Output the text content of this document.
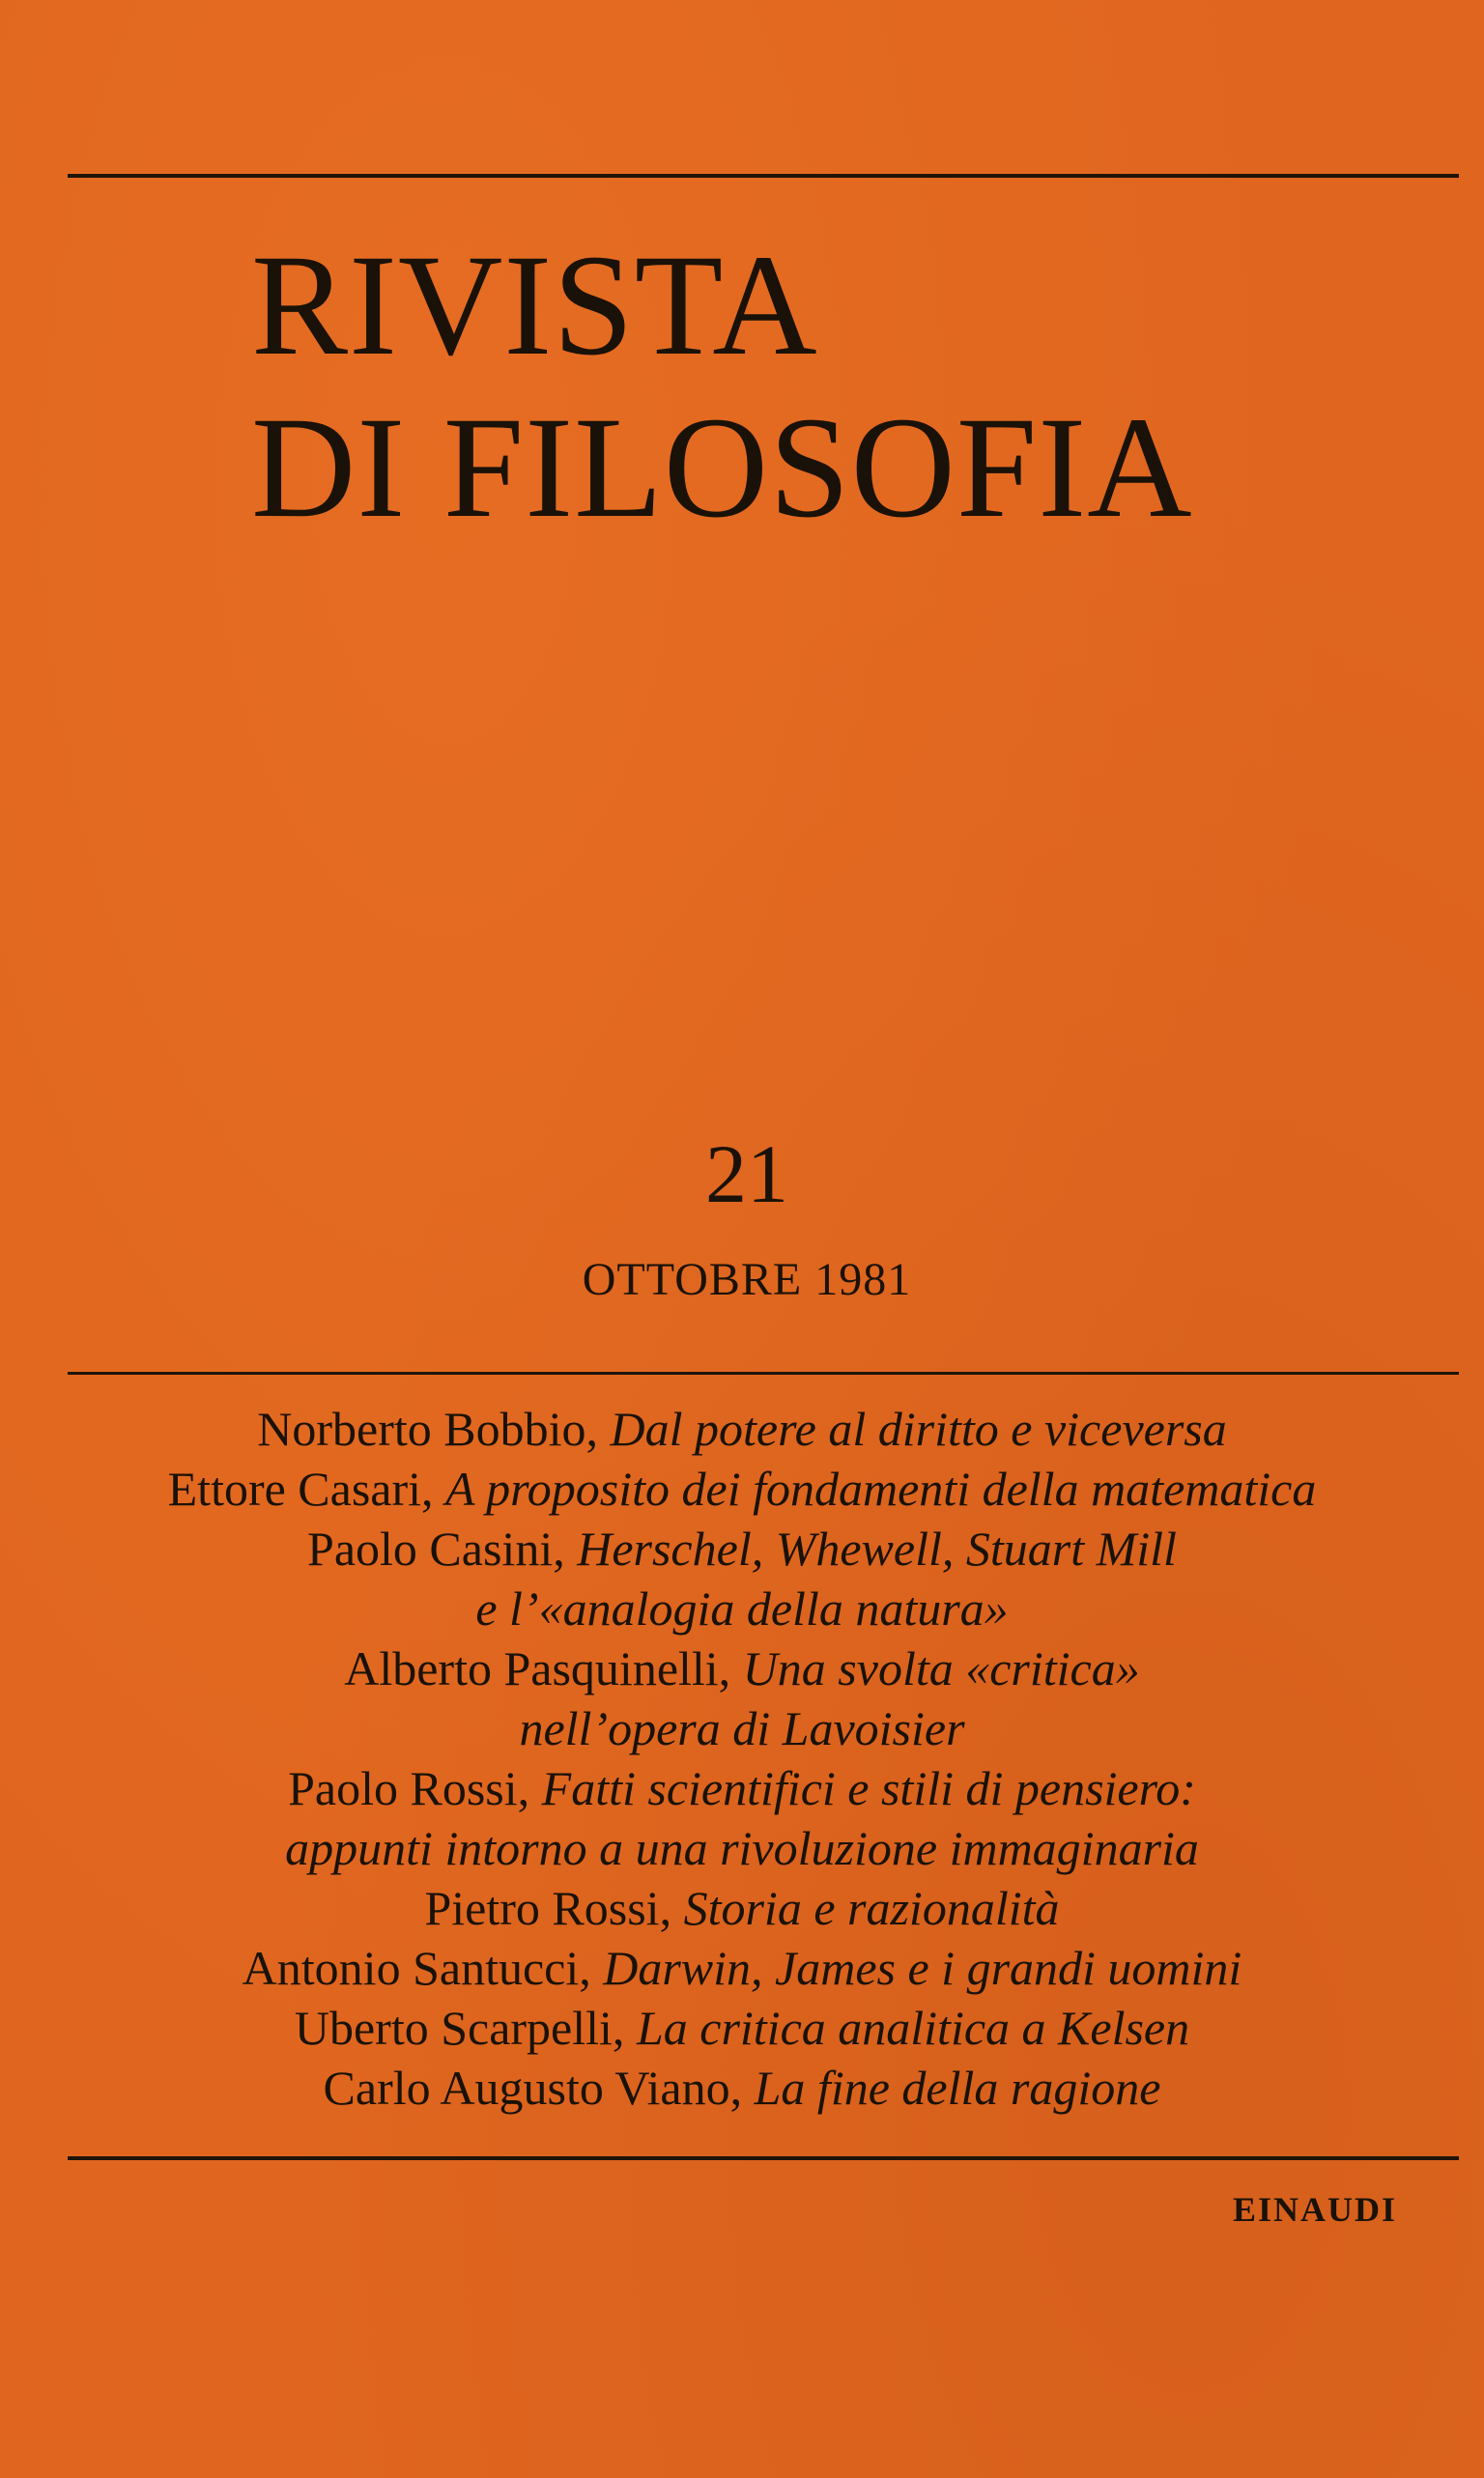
RIVISTA
DI FILOSOFIA
21
OTTOBRE 1981
Norberto Bobbio, Dal potere al diritto e viceversa
Ettore Casari, A proposito dei fondamenti della matematica
Paolo Casini, Herschel, Whewell, Stuart Mill
e l’«analogia della natura»
Alberto Pasquinelli, Una svolta «critica»
nell’opera di Lavoisier
Paolo Rossi, Fatti scientifici e stili di pensiero:
appunti intorno a una rivoluzione immaginaria
Pietro Rossi, Storia e razionalità
Antonio Santucci, Darwin, James e i grandi uomini
Uberto Scarpelli, La critica analitica a Kelsen
Carlo Augusto Viano, La fine della ragione
EINAUDI
